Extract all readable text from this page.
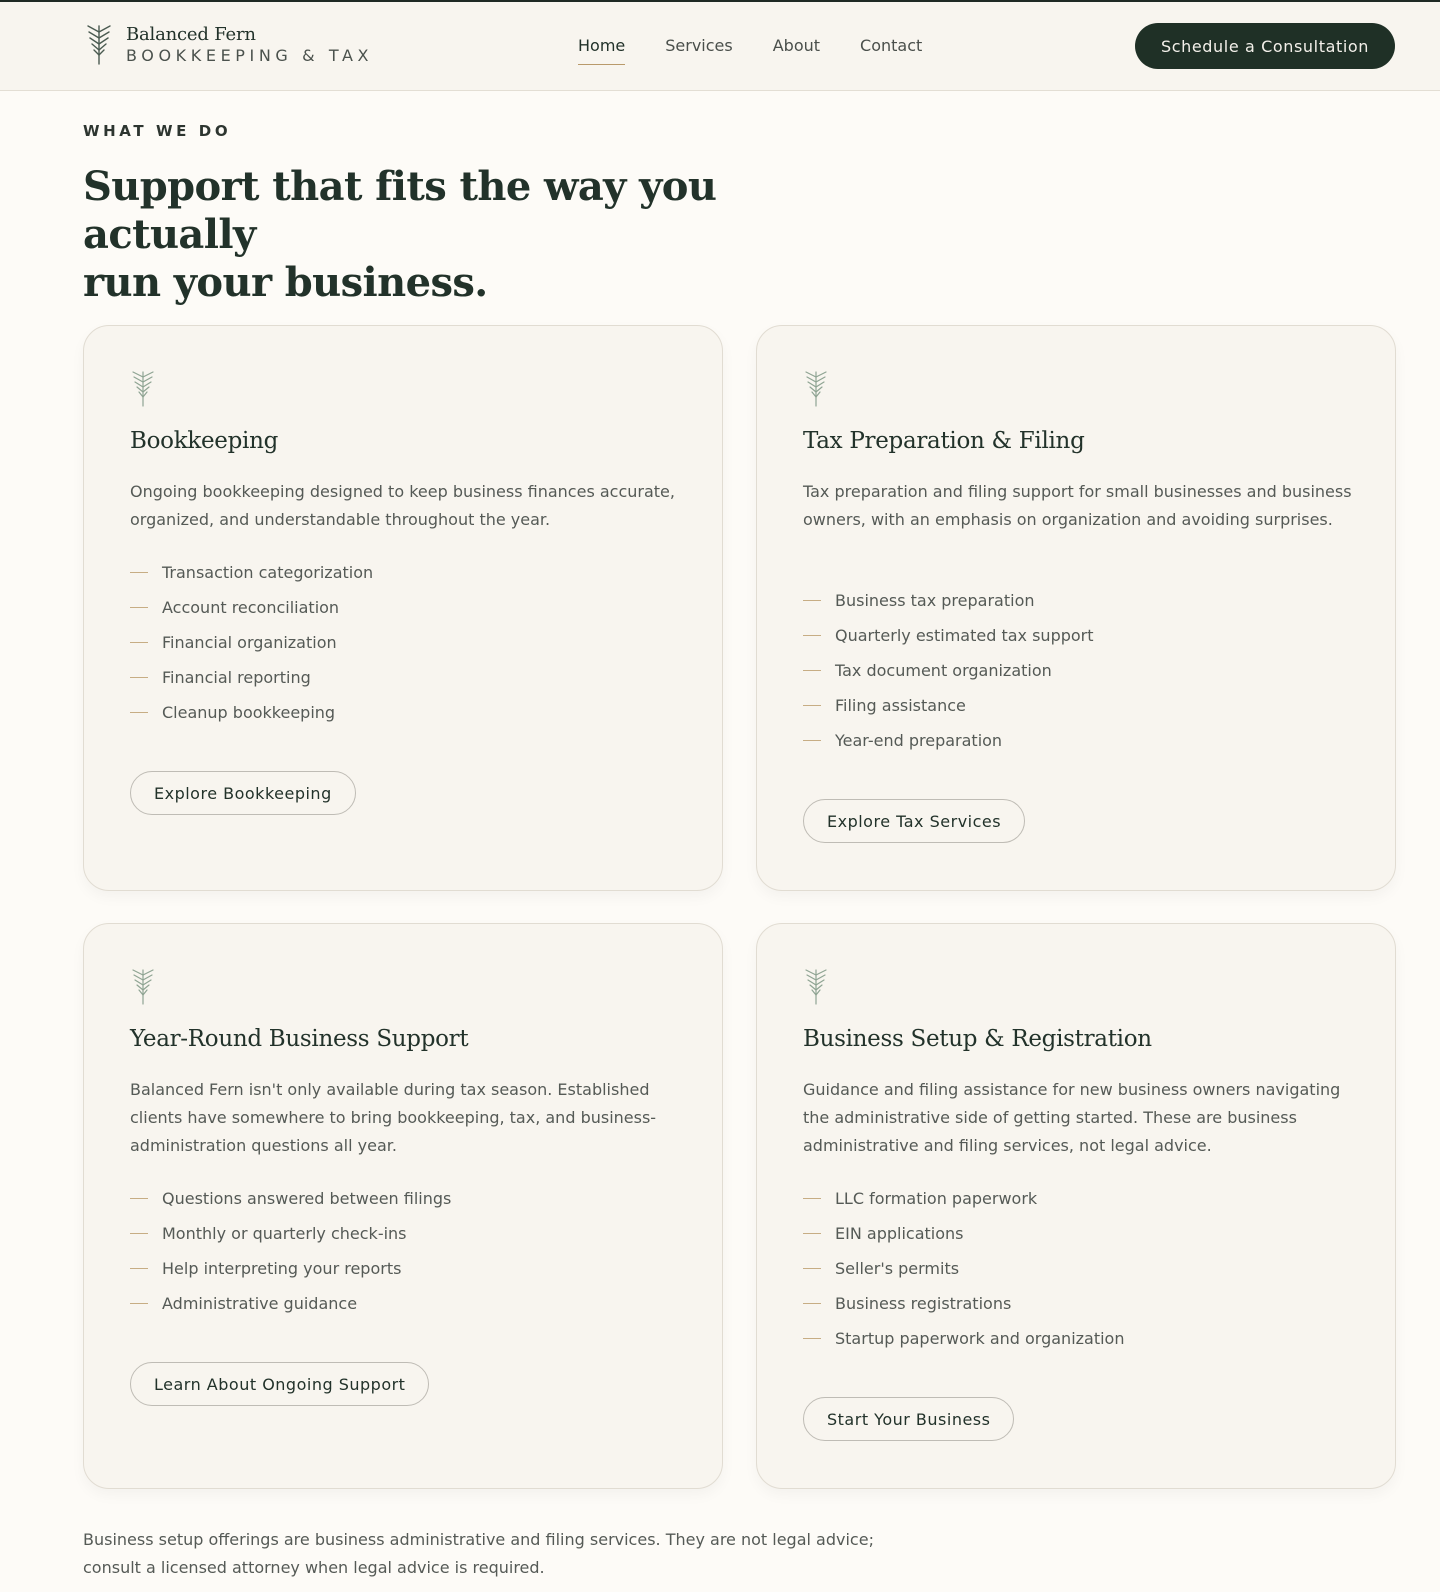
Balanced Fern
BOOKKEEPING & TAX
Home	Services	About	Contact	Schedule a Consultation
WHAT WE DO
Support that fits the way you actually
run your business.
Bookkeeping
Ongoing bookkeeping designed to keep business finances accurate, organized, and understandable throughout the year.
Transaction categorization
Account reconciliation
Financial organization
Financial reporting
Cleanup bookkeeping
Explore Bookkeeping
Tax Preparation & Filing
Tax preparation and filing support for small businesses and business owners, with an emphasis on organization and avoiding surprises.
Business tax preparation
Quarterly estimated tax support
Tax document organization
Filing assistance
Year-end preparation
Explore Tax Services
Year-Round Business Support
Balanced Fern isn't only available during tax season. Established clients have somewhere to bring bookkeeping, tax, and business-administration questions all year.
Questions answered between filings
Monthly or quarterly check-ins
Help interpreting your reports
Administrative guidance
Learn About Ongoing Support
Business Setup & Registration
Guidance and filing assistance for new business owners navigating the administrative side of getting started. These are business administrative and filing services, not legal advice.
LLC formation paperwork
EIN applications
Seller's permits
Business registrations
Startup paperwork and organization
Start Your Business

Business setup offerings are business administrative and filing services. They are not legal advice; consult a licensed attorney when legal advice is required.
